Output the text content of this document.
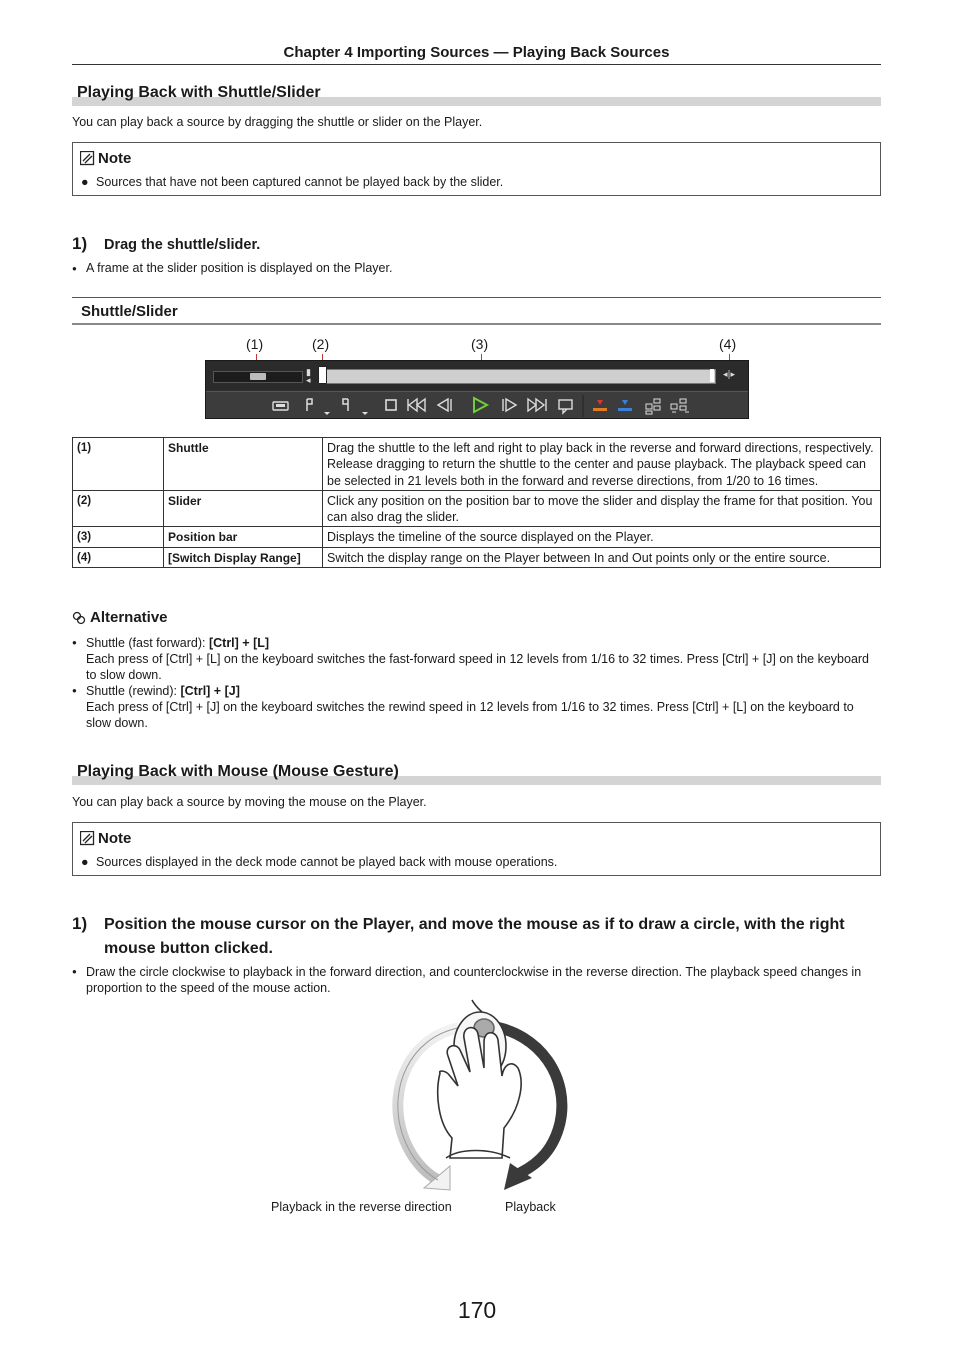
Chapter 4 Importing Sources — Playing Back Sources
Playing Back with Shuttle/Slider
You can play back a source by dragging the shuttle or slider on the Player.
Note
● Sources that have not been captured cannot be played back by the slider.
1) Drag the shuttle/slider.
● A frame at the slider position is displayed on the Player.
Shuttle/Slider
(1)	(2)	(3)	(4)
▮
◂	◂|▸
(1)	Shuttle	Drag the shuttle to the left and right to play back in the reverse and forward directions, respectively. Release dragging to return the shuttle to the center and pause playback. The playback speed can be selected in 21 levels both in the forward and reverse directions, from 1/20 to 16 times.
(2)	Slider	Click any position on the position bar to move the slider and display the frame for that position. You can also drag the slider.
(3)	Position bar	Displays the timeline of the source displayed on the Player.
(4)	[Switch Display Range]	Switch the display range on the Player between In and Out points only or the entire source.
Alternative
● Shuttle (fast forward): [Ctrl] + [L]
Each press of [Ctrl] + [L] on the keyboard switches the fast-forward speed in 12 levels from 1/16 to 32 times. Press [Ctrl] + [J] on the keyboard to slow down.
● Shuttle (rewind): [Ctrl] + [J]
Each press of [Ctrl] + [J] on the keyboard switches the rewind speed in 12 levels from 1/16 to 32 times. Press [Ctrl] + [L] on the keyboard to slow down.
Playing Back with Mouse (Mouse Gesture)
You can play back a source by moving the mouse on the Player.
Note
● Sources displayed in the deck mode cannot be played back with mouse operations.
1) Position the mouse cursor on the Player, and move the mouse as if to draw a circle, with the right mouse button clicked.
● Draw the circle clockwise to playback in the forward direction, and counterclockwise in the reverse direction. The playback speed changes in proportion to the speed of the mouse action.
Playback in the reverse direction	Playback
170
